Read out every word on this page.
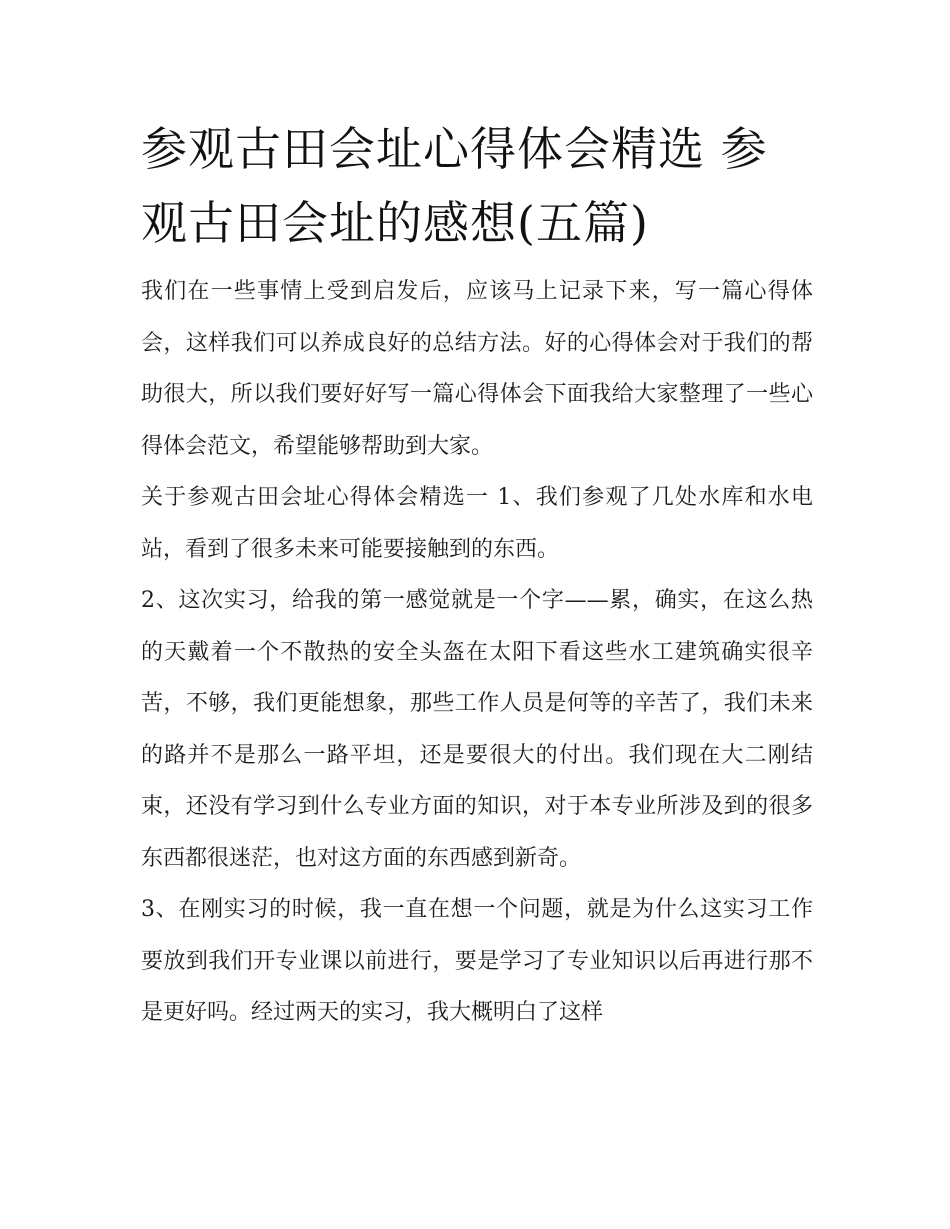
参观古田会址心得体会精选 参观古田会址的感想(五篇)

我们在一些事情上受到启发后，应该马上记录下来，写一篇心得体会，这样我们可以养成良好的总结方法。好的心得体会对于我们的帮助很大，所以我们要好好写一篇心得体会下面我给大家整理了一些心得体会范文，希望能够帮助到大家。

关于参观古田会址心得体会精选一 1、我们参观了几处水库和水电站，看到了很多未来可能要接触到的东西。

2、这次实习，给我的第一感觉就是一个字——累，确实，在这么热的天戴着一个不散热的安全头盔在太阳下看这些水工建筑确实很辛苦，不够，我们更能想象，那些工作人员是何等的辛苦了，我们未来的路并不是那么一路平坦，还是要很大的付出。我们现在大二刚结束，还没有学习到什么专业方面的知识，对于本专业所涉及到的很多东西都很迷茫，也对这方面的东西感到新奇。

3、在刚实习的时候，我一直在想一个问题，就是为什么这实习工作要放到我们开专业课以前进行，要是学习了专业知识以后再进行那不是更好吗。经过两天的实习，我大概明白了这样
